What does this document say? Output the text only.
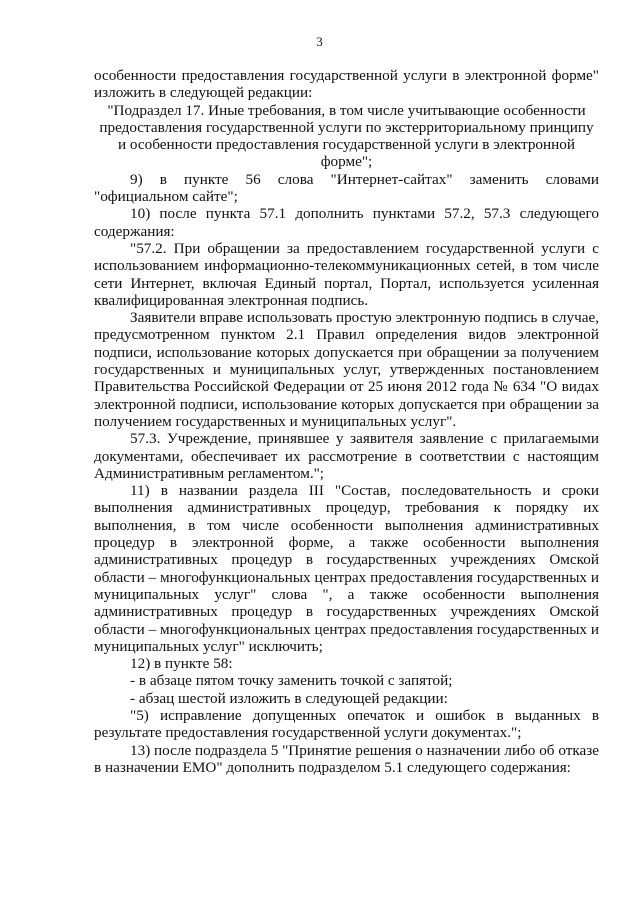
3

особенности предоставления государственной услуги в электронной форме" изложить в следующей редакции:

"Подраздел 17. Иные требования, в том числе учитывающие особенности предоставления государственной услуги по экстерриториальному принципу и особенности предоставления государственной услуги в электронной форме";

9) в пункте 56 слова "Интернет-сайтах" заменить словами "официальном сайте";

10) после пункта 57.1 дополнить пунктами 57.2, 57.3 следующего содержания:

"57.2. При обращении за предоставлением государственной услуги с использованием информационно-телекоммуникационных сетей, в том числе сети Интернет, включая Единый портал, Портал, используется усиленная квалифицированная электронная подпись.

Заявители вправе использовать простую электронную подпись в случае, предусмотренном пунктом 2.1 Правил определения видов электронной подписи, использование которых допускается при обращении за получением государственных и муниципальных услуг, утвержденных постановлением Правительства Российской Федерации от 25 июня 2012 года № 634 "О видах электронной подписи, использование которых допускается при обращении за получением государственных и муниципальных услуг".

57.3. Учреждение, принявшее у заявителя заявление с прилагаемыми документами, обеспечивает их рассмотрение в соответствии с настоящим Административным регламентом.";

11) в названии раздела III "Состав, последовательность и сроки выполнения административных процедур, требования к порядку их выполнения, в том числе особенности выполнения административных процедур в электронной форме, а также особенности выполнения административных процедур в государственных учреждениях Омской области – многофункциональных центрах предоставления государственных и муниципальных услуг" слова ", а также особенности выполнения административных процедур в государственных учреждениях Омской области – многофункциональных центрах предоставления государственных и муниципальных услуг" исключить;

12) в пункте 58:

- в абзаце пятом точку заменить точкой с запятой;

- абзац шестой изложить в следующей редакции:

"5) исправление допущенных опечаток и ошибок в выданных в результате предоставления государственной услуги документах.";

13) после подраздела 5 "Принятие решения о назначении либо об отказе в назначении ЕМО" дополнить подразделом 5.1 следующего содержания:
